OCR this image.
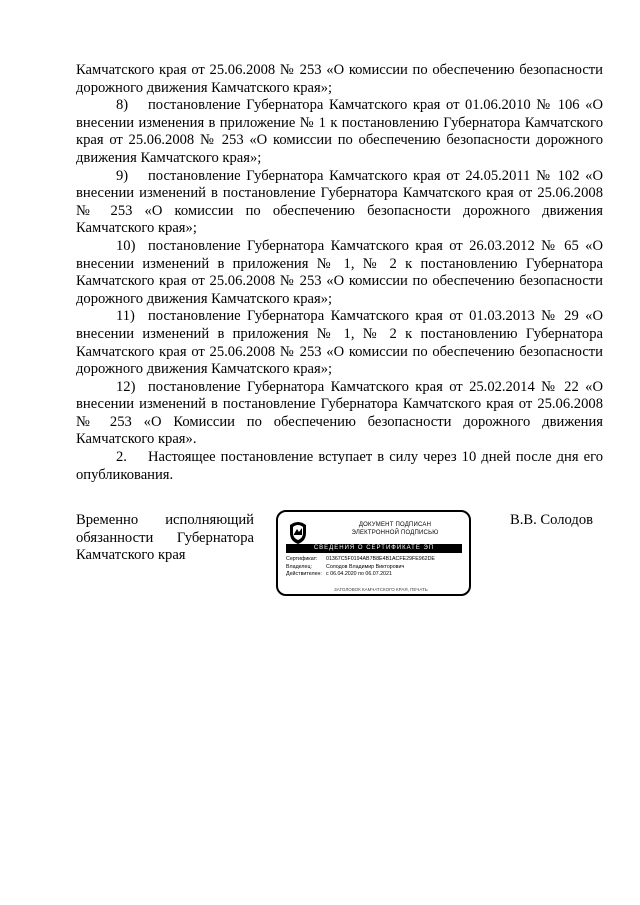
Камчатского края от 25.06.2008 № 253 «О комиссии по обеспечению безопасности дорожного движения Камчатского края»;

8) постановление Губернатора Камчатского края от 01.06.2010 № 106 «О внесении изменения в приложение № 1 к постановлению Губернатора Камчатского края от 25.06.2008 № 253 «О комиссии по обеспечению безопасности дорожного движения Камчатского края»;

9) постановление Губернатора Камчатского края от 24.05.2011 № 102 «О внесении изменений в постановление Губернатора Камчатского края от 25.06.2008 № 253 «О комиссии по обеспечению безопасности дорожного движения Камчатского края»;

10) постановление Губернатора Камчатского края от 26.03.2012 № 65 «О внесении изменений в приложения № 1, № 2 к постановлению Губернатора Камчатского края от 25.06.2008 № 253 «О комиссии по обеспечению безопасности дорожного движения Камчатского края»;

11) постановление Губернатора Камчатского края от 01.03.2013 № 29 «О внесении изменений в приложения № 1, № 2 к постановлению Губернатора Камчатского края от 25.06.2008 № 253 «О комиссии по обеспечению безопасности дорожного движения Камчатского края»;

12) постановление Губернатора Камчатского края от 25.02.2014 № 22 «О внесении изменений в постановление Губернатора Камчатского края от 25.06.2008 № 253 «О Комиссии по обеспечению безопасности дорожного движения Камчатского края».

2. Настоящее постановление вступает в силу через 10 дней после дня его опубликования.

Временно исполняющий
обязанности Губернатора
Камчатского края
ДОКУМЕНТ ПОДПИСАН
ЭЛЕКТРОННОЙ ПОДПИСЬЮ
СВЕДЕНИЯ О СЕРТИФИКАТЕ ЭП
Сертификат:	01367C5F0194AB7B8E4B1ACFE29FE962DE
Владелец:	Солодов Владимир Викторович
Действителен: с 06.04.2020 по 06.07.2021
ЗАГОЛОВОК КАМЧАТСКОГО КРАЯ, ПЕЧАТЬ
В.В. Солодов
